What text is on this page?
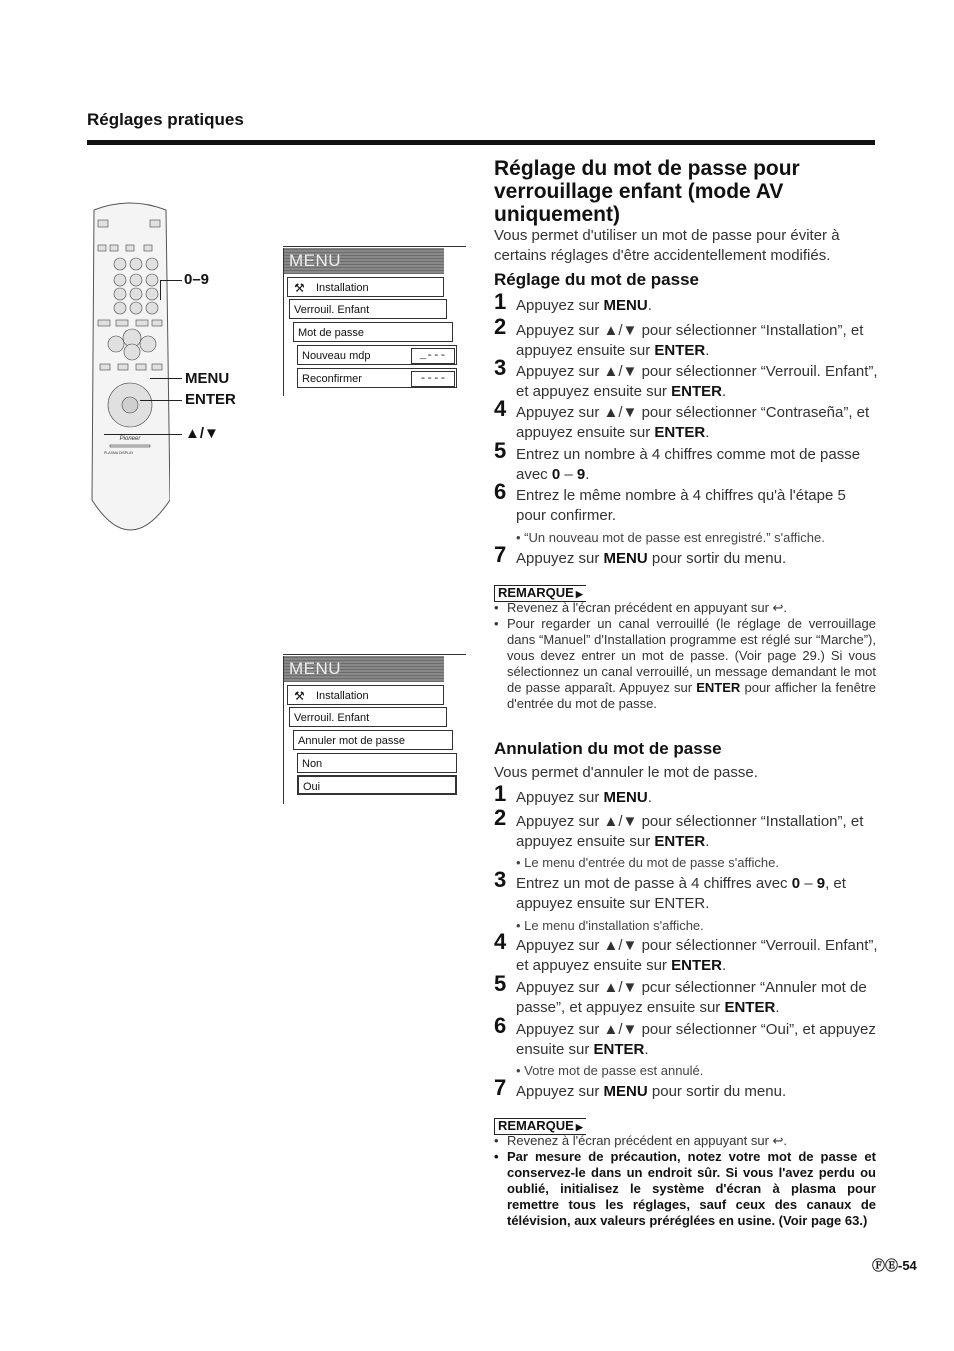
Réglages pratiques
Réglage du mot de passe pour verrouillage enfant (mode AV uniquement)
Vous permet d'utiliser un mot de passe pour éviter à certains réglages d'être accidentellement modifiés.
Réglage du mot de passe
1 Appuyez sur MENU.
2 Appuyez sur ▲/▼ pour sélectionner “Installation”, et appuyez ensuite sur ENTER.
3 Appuyez sur ▲/▼ pour sélectionner “Verrouil. Enfant”, et appuyez ensuite sur ENTER.
4 Appuyez sur ▲/▼ pour sélectionner “Contraseña”, et appuyez ensuite sur ENTER.
5 Entrez un nombre à 4 chiffres comme mot de passe avec 0 – 9.
6 Entrez le même nombre à 4 chiffres qu'à l'étape 5 pour confirmer.
7 Appuyez sur MENU pour sortir du menu.
• “Un nouveau mot de passe est enregistré.” s'affiche.
REMARQUE ▶
• Revenez à l'écran précédent en appuyant sur ↩.
• Pour regarder un canal verrouillé (le réglage de verrouillage dans “Manuel” d'Installation programme est réglé sur “Marche”), vous devez entrer un mot de passe. (Voir page 29.) Si vous sélectionnez un canal verrouillé, un message demandant le mot de passe apparaît. Appuyez sur ENTER pour afficher la fenêtre d'entrée du mot de passe.
Annulation du mot de passe
Vous permet d'annuler le mot de passe.
1 Appuyez sur MENU.
2 Appuyez sur ▲/▼ pour sélectionner “Installation”, et appuyez ensuite sur ENTER.
3 Entrez un mot de passe à 4 chiffres avec 0 – 9, et appuyez ensuite sur ENTER.
4 Appuyez sur ▲/▼ pour sélectionner “Verrouil. Enfant”, et appuyez ensuite sur ENTER.
5 Appuyez sur ▲/▼ pcur sélectionner “Annuler mot de passe”, et appuyez ensuite sur ENTER.
6 Appuyez sur ▲/▼ pour sélectionner “Oui”, et appuyez ensuite sur ENTER.
7 Appuyez sur MENU pour sortir du menu.
• Le menu d'entrée du mot de passe s'affiche.
• Le menu d'installation s'affiche.
• Votre mot de passe est annulé.
REMARQUE ▶
• Revenez à l'écran précédent en appuyant sur ↩.
• Par mesure de précaution, notez votre mot de passe et conservez-le dans un endroit sûr. Si vous l'avez perdu ou oublié, initialisez le système d'écran à plasma pour remettre tous les réglages, sauf ceux des canaux de télévision, aux valeurs préréglées en usine. (Voir page 63.)
MENU
⚒ Installation
Verrouil. Enfant
Mot de passe
Nouveau mdp	_---
Reconfirmer	----
MENU
⚒ Installation
Verrouil. Enfant
Annuler mot de passe
Non
Oui
Pioneer
PLASMA DISPLAY
0–9
MENU
ENTER
▲/▼
ⒻⒺ-54
